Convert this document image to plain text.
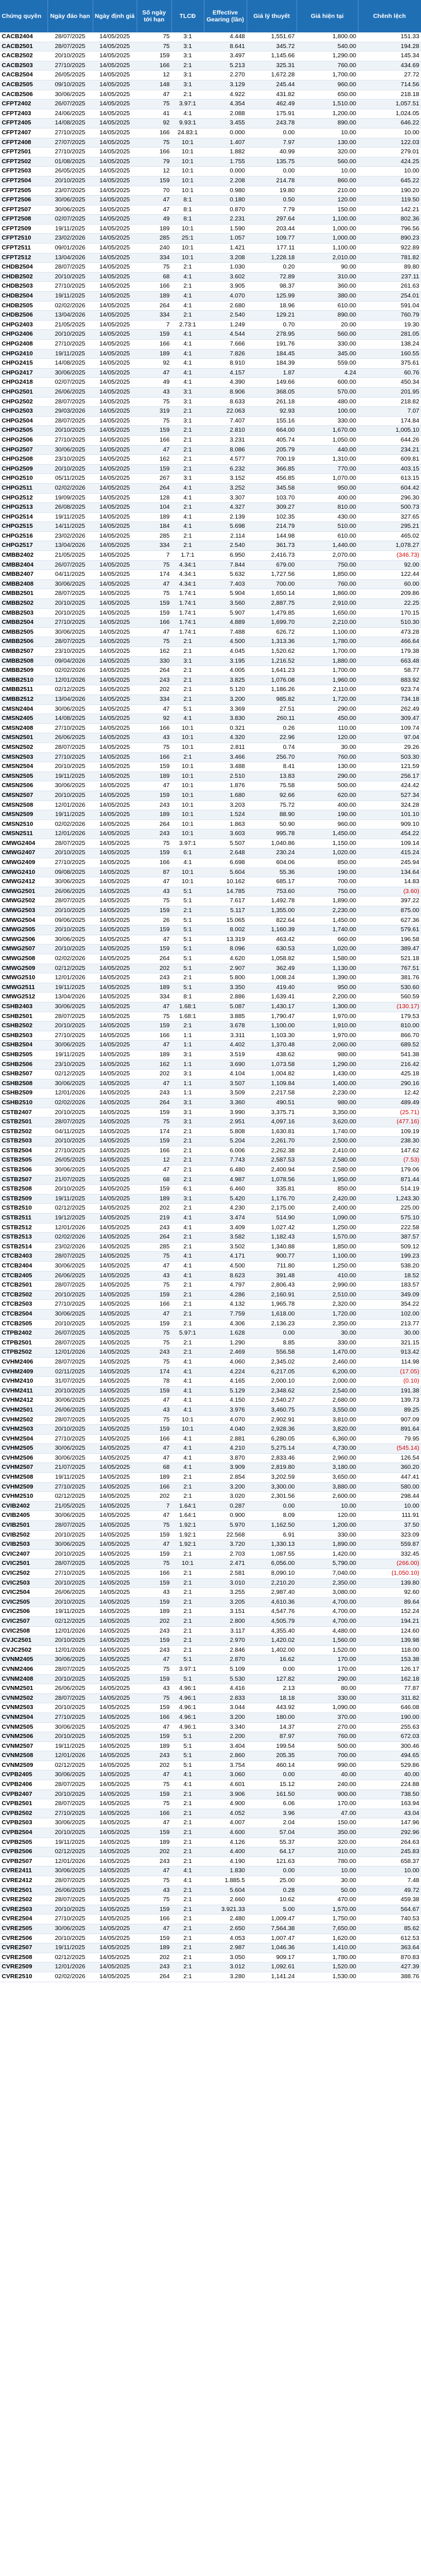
Chứng quyền	Ngày đáo hạn	Ngày định giá	Số ngày tới hạn	TLCĐ	Effective Gearing (lần)	Giá lý thuyết	Giá hiện tại	Chênh lệch
CACB2404	28/07/2025	14/05/2025	75	3:1	4.448	1,551.67	1,800.00	151.33
CACB2501	28/07/2025	14/05/2025	75	3:1	8.641	345.72	540.00	194.28
CACB2502	20/10/2025	14/05/2025	159	3:1	3.497	1,145.66	1,290.00	145.34
CACB2503	27/10/2025	14/05/2025	166	2:1	5.213	325.31	760.00	434.69
CACB2504	26/05/2025	14/05/2025	12	3:1	2.270	1,672.28	1,700.00	27.72
CACB2505	09/10/2025	14/05/2025	148	3:1	3.129	245.44	960.00	714.56
CACB2506	30/06/2025	14/05/2025	47	2:1	4.922	431.82	650.00	218.18
CFPT2402	26/07/2025	14/05/2025	75	3.97:1	4.354	462.49	1,510.00	1,057.51
CFPT2403	24/06/2025	14/05/2025	41	4:1	2.088	175.91	1,200.00	1,024.05
CFPT2405	14/08/2025	14/05/2025	92	9.93:1	3.455	243.78	890.00	646.22
CFPT2407	27/10/2025	14/05/2025	166	24.83:1	0.000	0.00	10.00	10.00
CFPT2408	27/07/2025	14/05/2025	75	10:1	1.407	7.97	130.00	122.03
CFPT2501	27/10/2025	14/05/2025	166	10:1	1.882	40.99	320.00	279.01
CFPT2502	01/08/2025	14/05/2025	79	10:1	1.755	135.75	560.00	424.25
CFPT2503	26/05/2025	14/05/2025	12	10:1	0.000	0.00	10.00	10.00
CFPT2504	20/10/2025	14/05/2025	159	10:1	2.208	214.78	860.00	645.22
CFPT2505	23/07/2025	14/05/2025	70	10:1	0.980	19.80	210.00	190.20
CFPT2506	30/06/2025	14/05/2025	47	8:1	0.180	0.50	120.00	119.50
CFPT2507	30/06/2025	14/05/2025	47	8:1	0.870	7.79	150.00	142.21
CFPT2508	02/07/2025	14/05/2025	49	8:1	2.231	297.64	1,100.00	802.36
CFPT2509	19/11/2025	14/05/2025	189	10:1	1.590	203.44	1,000.00	796.56
CFPT2510	23/02/2026	14/05/2025	285	25:1	1.057	109.77	1,000.00	890.23
CFPT2511	09/01/2026	14/05/2025	240	10:1	1.421	177.11	1,100.00	922.89
CFPT2512	13/04/2026	14/05/2025	334	10:1	3.208	1,228.18	2,010.00	781.82
CHDB2504	28/07/2025	14/05/2025	75	2:1	1.030	0.20	90.00	89.80
CHDB2502	20/10/2025	14/05/2025	68	4:1	3.602	72.89	310.00	237.11
CHDB2503	27/10/2025	14/05/2025	166	2:1	3.905	98.37	360.00	261.63
CHDB2504	19/11/2025	14/05/2025	189	4:1	4.070	125.99	380.00	254.01
CHDB2505	02/02/2026	14/05/2025	264	4:1	2.680	18.96	610.00	591.04
CHDB2506	13/04/2026	14/05/2025	334	2:1	2.540	129.21	890.00	760.79
CHPG2403	21/05/2025	14/05/2025	7	2.73:1	1.249	0.70	20.00	19.30
CHPG2406	20/10/2025	14/05/2025	159	4:1	4.544	278.95	560.00	281.05
CHPG2408	27/10/2025	14/05/2025	166	4:1	7.666	191.76	330.00	138.24
CHPG2410	19/11/2025	14/05/2025	189	4:1	7.826	184.45	345.00	160.55
CHPG2415	14/08/2025	14/05/2025	92	4:1	8.910	184.39	559.00	375.61
CHPG2417	30/06/2025	14/05/2025	47	4:1	4.157	1.87	4.24	60.76
CHPG2418	02/07/2025	14/05/2025	49	4:1	4.390	149.66	600.00	450.34
CHPG2501	26/06/2025	14/05/2025	43	3:1	8.906	368.05	570.00	201.95
CHPG2502	28/07/2025	14/05/2025	75	3:1	8.633	261.18	480.00	218.82
CHPG2503	29/03/2026	14/05/2025	319	2:1	22.063	92.93	100.00	7.07
CHPG2504	28/07/2025	14/05/2025	75	3:1	7.407	155.16	330.00	174.84
CHPG2505	20/10/2025	14/05/2025	159	2:1	2.810	664.00	1,670.00	1,005.10
CHPG2506	27/10/2025	14/05/2025	166	2:1	3.231	405.74	1,050.00	644.26
CHPG2507	30/06/2025	14/05/2025	47	2:1	8.086	205.79	440.00	234.21
CHPG2508	23/10/2025	14/05/2025	162	2:1	4.577	700.19	1,310.00	609.81
CHPG2509	20/10/2025	14/05/2025	159	2:1	6.232	366.85	770.00	403.15
CHPG2510	05/11/2025	14/05/2025	267	3:1	3.152	456.85	1,070.00	613.15
CHPG2511	02/02/2026	14/05/2025	264	4:1	3.252	345.58	950.00	604.42
CHPG2512	19/09/2025	14/05/2025	128	4:1	3.307	103.70	400.00	296.30
CHPG2513	26/08/2025	14/05/2025	104	2:1	4.327	309.27	810.00	500.73
CHPG2514	19/11/2025	14/05/2025	189	4:1	2.139	102.35	430.00	327.65
CHPG2515	14/11/2025	14/05/2025	184	4:1	5.698	214.79	510.00	295.21
CHPG2516	23/02/2026	14/05/2025	285	2:1	2.114	144.98	610.00	465.02
CHPG2517	13/04/2026	14/05/2025	334	2:1	2.540	361.73	1,440.00	1,078.27
CMBB2402	21/05/2025	14/05/2025	7	1.7:1	6.950	2,416.73	2,070.00	(346.73)
CMBB2404	26/07/2025	14/05/2025	75	4.34:1	7.844	679.00	750.00	92.00
CMBB2407	04/11/2025	14/05/2025	174	4.34:1	5.632	1,727.56	1,850.00	122.44
CMBB2408	30/06/2025	14/05/2025	47	4.34:1	7.403	700.00	760.00	60.00
CMBB2501	28/07/2025	14/05/2025	75	1.74:1	5.904	1,650.14	1,860.00	209.86
CMBB2502	20/10/2025	14/05/2025	159	1.74:1	3.560	2,887.75	2,910.00	22.25
CMBB2503	20/10/2025	14/05/2025	159	1.74:1	5.907	1,479.85	1,650.00	170.15
CMBB2504	27/10/2025	14/05/2025	166	1.74:1	4.889	1,699.70	2,210.00	510.30
CMBB2505	30/06/2025	14/05/2025	47	1.74:1	7.488	626.72	1,100.00	473.28
CMBB2506	28/07/2025	14/05/2025	75	2:1	4.500	1,313.36	1,780.00	466.64
CMBB2507	23/10/2025	14/05/2025	162	2:1	4.045	1,520.62	1,700.00	179.38
CMBB2508	09/04/2026	14/05/2025	330	3:1	3.195	1,216.52	1,880.00	663.48
CMBB2509	02/02/2026	14/05/2025	264	2:1	4.005	1,641.23	1,700.00	58.77
CMBB2510	12/01/2026	14/05/2025	243	2:1	3.825	1,076.08	1,960.00	883.92
CMBB2511	02/12/2025	14/05/2025	202	2:1	5.120	1,186.26	2,110.00	923.74
CMBB2512	13/04/2026	14/05/2025	334	2:1	3.200	985.82	1,720.00	734.18
CMSN2404	30/06/2025	14/05/2025	47	5:1	3.369	27.51	290.00	262.49
CMSN2405	14/08/2025	14/05/2025	92	4:1	3.830	260.11	450.00	309.47
CMSN2408	27/10/2025	14/05/2025	166	10:1	0.321	0.26	110.00	109.74
CMSN2501	26/06/2025	14/05/2025	43	10:1	4.320	22.96	120.00	97.04
CMSN2502	28/07/2025	14/05/2025	75	10:1	2.811	0.74	30.00	29.26
CMSN2503	27/10/2025	14/05/2025	166	2:1	3.466	256.70	760.00	503.30
CMSN2504	20/10/2025	14/05/2025	159	10:1	3.488	8.41	130.00	121.59
CMSN2505	19/11/2025	14/05/2025	189	10:1	2.510	13.83	290.00	256.17
CMSN2506	30/06/2025	14/05/2025	47	10:1	1.876	75.58	500.00	424.42
CMSN2507	20/10/2025	14/05/2025	159	10:1	1.680	92.66	620.00	527.34
CMSN2508	12/01/2026	14/05/2025	243	10:1	3.203	75.72	400.00	324.28
CMSN2509	19/11/2025	14/05/2025	189	10:1	1.524	88.90	190.00	101.10
CMSN2510	02/02/2026	14/05/2025	264	10:1	1.863	50.90	960.00	909.10
CMSN2511	12/01/2026	14/05/2025	243	10:1	3.603	995.78	1,450.00	454.22
CMWG2404	28/07/2025	14/05/2025	75	3.97:1	5.507	1,040.86	1,150.00	109.14
CMWG2407	20/10/2025	14/05/2025	159	6:1	2.648	230.24	1,020.00	415.24
CMWG2409	27/10/2025	14/05/2025	166	4:1	6.698	604.06	850.00	245.94
CMWG2410	09/08/2025	14/05/2025	87	10:1	5.604	55.36	190.00	134.64
CMWG2412	30/06/2025	14/05/2025	47	10:1	10.162	685.17	700.00	14.83
CMWG2501	26/06/2025	14/05/2025	43	5:1	14.785	753.60	750.00	(3.60)
CMWG2502	28/07/2025	14/05/2025	75	5:1	7.617	1,492.78	1,890.00	397.22
CMWG2503	20/10/2025	14/05/2025	159	2:1	5.117	1,355.00	2,230.00	875.00
CMWG2504	09/06/2025	14/05/2025	26	5:1	15.065	822.64	1,450.00	627.36
CMWG2505	20/10/2025	14/05/2025	159	5:1	8.002	1,160.39	1,740.00	579.61
CMWG2506	30/06/2025	14/05/2025	47	5:1	13.319	463.42	660.00	196.58
CMWG2507	20/10/2025	14/05/2025	159	5:1	8.096	630.53	1,020.00	389.47
CMWG2508	02/02/2026	14/05/2025	264	5:1	4.620	1,058.82	1,580.00	521.18
CMWG2509	02/12/2025	14/05/2025	202	5:1	2.907	362.49	1,130.00	767.51
CMWG2510	12/01/2026	14/05/2025	243	2:1	5.800	1,008.24	1,390.00	381.76
CMWG2511	19/11/2025	14/05/2025	189	5:1	3.350	419.40	950.00	530.60
CMWG2512	13/04/2026	14/05/2025	334	8:1	2.886	1,639.41	2,200.00	560.59
CSHB2403	30/06/2025	14/05/2025	47	1.68:1	5.087	1,430.17	1,300.00	(130.17)
CSHB2501	28/07/2025	14/05/2025	75	1.68:1	3.885	1,790.47	1,970.00	179.53
CSHB2502	20/10/2025	14/05/2025	159	2:1	3.678	1,100.00	1,910.00	810.00
CSHB2503	27/10/2025	14/05/2025	166	1:1	3.311	1,103.30	1,970.00	866.70
CSHB2504	30/06/2025	14/05/2025	47	1:1	4.402	1,370.48	2,060.00	689.52
CSHB2505	19/11/2025	14/05/2025	189	3:1	3.519	438.62	980.00	541.38
CSHB2506	23/10/2025	14/05/2025	162	1:1	3.690	1,073.58	1,290.00	216.42
CSHB2507	02/12/2025	14/05/2025	202	3:1	4.104	1,004.82	1,430.00	425.18
CSHB2508	30/06/2025	14/05/2025	47	1:1	3.507	1,109.84	1,400.00	290.16
CSHB2509	12/01/2026	14/05/2025	243	1:1	3.509	2,217.58	2,230.00	12.42
CSHB2510	02/02/2026	14/05/2025	264	3:1	3.360	490.51	980.00	489.49
CSTB2407	20/10/2025	14/05/2025	159	3:1	3.990	3,375.71	3,350.00	(25.71)
CSTB2501	28/07/2025	14/05/2025	75	3:1	2.951	4,097.16	3,620.00	(477.16)
CSTB2502	04/11/2025	14/05/2025	174	2:1	5.808	1,630.81	1,740.00	109.19
CSTB2503	20/10/2025	14/05/2025	159	2:1	5.204	2,261.70	2,500.00	238.30
CSTB2504	27/10/2025	14/05/2025	166	2:1	6.006	2,262.38	2,410.00	147.62
CSTB2505	26/05/2025	14/05/2025	12	2:1	7.743	2,587.53	2,580.00	(7.53)
CSTB2506	30/06/2025	14/05/2025	47	2:1	6.480	2,400.94	2,580.00	179.06
CSTB2507	21/07/2025	14/05/2025	68	2:1	4.987	1,078.56	1,950.00	871.44
CSTB2508	20/10/2025	14/05/2025	159	6:1	6.460	335.81	850.00	514.19
CSTB2509	19/11/2025	14/05/2025	189	3:1	5.420	1,176.70	2,420.00	1,243.30
CSTB2510	02/12/2025	14/05/2025	202	2:1	4.230	2,175.00	2,400.00	225.00
CSTB2511	19/12/2025	14/05/2025	219	4:1	3.474	514.90	1,090.00	575.10
CSTB2512	12/01/2026	14/05/2025	243	4:1	3.409	1,027.42	1,250.00	222.58
CSTB2513	02/02/2026	14/05/2025	264	2:1	3.582	1,182.43	1,570.00	387.57
CSTB2514	23/02/2026	14/05/2025	285	2:1	3.502	1,340.88	1,850.00	509.12
CTCB2403	28/07/2025	14/05/2025	75	4:1	4.171	900.77	1,100.00	199.23
CTCB2404	30/06/2025	14/05/2025	47	4:1	4.500	711.80	1,250.00	538.20
CTCB2405	26/06/2025	14/05/2025	43	4:1	8.623	391.48	410.00	18.52
CTCB2501	28/07/2025	14/05/2025	75	2:1	4.797	2,806.43	2,990.00	183.57
CTCB2502	20/10/2025	14/05/2025	159	2:1	4.286	2,160.91	2,510.00	349.09
CTCB2503	27/10/2025	14/05/2025	166	2:1	4.132	1,965.78	2,320.00	354.22
CTCB2504	30/06/2025	14/05/2025	47	2:1	7.759	1,618.00	1,720.00	102.00
CTCB2505	20/10/2025	14/05/2025	159	2:1	4.306	2,136.23	2,350.00	213.77
CTPB2402	26/07/2025	14/05/2025	75	5.97:1	1.628	0.00	30.00	30.00
CTPB2501	28/07/2025	14/05/2025	75	2:1	1.290	8.85	330.00	321.15
CTPB2502	12/01/2026	14/05/2025	243	2:1	2.469	556.58	1,470.00	913.42
CVHM2406	28/07/2025	14/05/2025	75	4:1	4.060	2,345.02	2,460.00	114.98
CVHM2409	02/11/2025	14/05/2025	174	4:1	4.224	6,217.05	6,200.00	(17.05)
CVHM2410	31/07/2025	14/05/2025	78	4:1	4.165	2,000.10	2,000.00	(0.10)
CVHM2411	20/10/2025	14/05/2025	159	4:1	5.129	2,348.62	2,540.00	191.38
CVHM2412	30/06/2025	14/05/2025	47	4:1	4.150	2,540.27	2,680.00	139.73
CVHM2501	26/06/2025	14/05/2025	43	4:1	3.976	3,460.75	3,550.00	89.25
CVHM2502	28/07/2025	14/05/2025	75	10:1	4.070	2,902.91	3,810.00	907.09
CVHM2503	20/10/2025	14/05/2025	159	10:1	4.040	2,928.36	3,820.00	891.64
CVHM2504	27/10/2025	14/05/2025	166	4:1	2.881	6,280.05	6,360.00	79.95
CVHM2505	30/06/2025	14/05/2025	47	4:1	4.210	5,275.14	4,730.00	(545.14)
CVHM2506	30/06/2025	14/05/2025	47	4:1	3.870	2,833.46	2,960.00	126.54
CVHM2507	21/07/2025	14/05/2025	68	4:1	3.909	2,819.80	3,180.00	360.20
CVHM2508	19/11/2025	14/05/2025	189	2:1	2.854	3,202.59	3,650.00	447.41
CVHM2509	27/10/2025	14/05/2025	166	2:1	3.200	3,300.00	3,880.00	580.00
CVHM2510	02/12/2025	14/05/2025	202	2:1	3.020	2,301.56	2,600.00	298.44
CVIB2402	21/05/2025	14/05/2025	7	1.64:1	0.287	0.00	10.00	10.00
CVIB2405	30/06/2025	14/05/2025	47	1.64:1	0.900	8.09	120.00	111.91
CVIB2501	28/07/2025	14/05/2025	75	1.92:1	5.970	1,162.50	1,200.00	37.50
CVIB2502	20/10/2025	14/05/2025	159	1.92:1	22.568	6.91	330.00	323.09
CVIB2503	30/06/2025	14/05/2025	47	1.92:1	3.720	1,330.13	1,890.00	559.87
CVIC2407	20/10/2025	14/05/2025	159	2:1	2.703	1,087.55	1,420.00	332.45
CVIC2501	28/07/2025	14/05/2025	75	10:1	2.471	6,056.00	5,790.00	(266.00)
CVIC2502	27/10/2025	14/05/2025	166	2:1	2.581	8,090.10	7,040.00	(1,050.10)
CVIC2503	20/10/2025	14/05/2025	159	2:1	3.010	2,210.20	2,350.00	139.80
CVIC2504	26/06/2025	14/05/2025	43	2:1	3.255	2,987.40	3,080.00	92.60
CVIC2505	20/10/2025	14/05/2025	159	2:1	3.205	4,610.36	4,700.00	89.64
CVIC2506	19/11/2025	14/05/2025	189	2:1	3.151	4,547.76	4,700.00	152.24
CVIC2507	02/12/2025	14/05/2025	202	2:1	2.800	4,505.79	4,700.00	194.21
CVIC2508	12/01/2026	14/05/2025	243	2:1	3.117	4,355.40	4,480.00	124.60
CVJC2501	20/10/2025	14/05/2025	159	2:1	2.970	1,420.02	1,560.00	139.98
CVJC2502	12/01/2026	14/05/2025	243	2:1	2.846	1,402.00	1,520.00	118.00
CVNM2405	30/06/2025	14/05/2025	47	5:1	2.870	16.62	170.00	153.38
CVNM2406	28/07/2025	14/05/2025	75	3.97:1	5.109	0.00	170.00	126.17
CVNM2408	20/10/2025	14/05/2025	159	5:1	5.530	127.82	290.00	162.18
CVNM2501	26/06/2025	14/05/2025	43	4.96:1	4.416	2.13	80.00	77.87
CVNM2502	28/07/2025	14/05/2025	75	4.96:1	2.833	18.18	330.00	311.82
CVNM2503	20/10/2025	14/05/2025	159	4.96:1	3.044	443.92	1,090.00	646.08
CVNM2504	27/10/2025	14/05/2025	166	4.96:1	3.200	180.00	370.00	190.00
CVNM2505	30/06/2025	14/05/2025	47	4.96:1	3.340	14.37	270.00	255.63
CVNM2506	20/10/2025	14/05/2025	159	5:1	2.200	87.97	760.00	672.03
CVNM2507	19/11/2025	14/05/2025	189	5:1	3.404	199.54	500.00	300.46
CVNM2508	12/01/2026	14/05/2025	243	5:1	2.860	205.35	700.00	494.65
CVNM2509	02/12/2025	14/05/2025	202	5:1	3.754	460.14	990.00	529.86
CVPB2405	30/06/2025	14/05/2025	47	4:1	3.060	0.00	40.00	40.00
CVPB2406	28/07/2025	14/05/2025	75	4:1	4.601	15.12	240.00	224.88
CVPB2407	20/10/2025	14/05/2025	159	2:1	3.906	161.50	900.00	738.50
CVPB2501	28/07/2025	14/05/2025	75	2:1	4.900	6.06	170.00	163.94
CVPB2502	27/10/2025	14/05/2025	166	2:1	4.052	3.96	47.00	43.04
CVPB2503	30/06/2025	14/05/2025	47	2:1	4.007	2.04	150.00	147.96
CVPB2504	20/10/2025	14/05/2025	159	2:1	4.600	57.04	350.00	292.96
CVPB2505	19/11/2025	14/05/2025	189	2:1	4.126	55.37	320.00	264.63
CVPB2506	02/12/2025	14/05/2025	202	2:1	4.400	64.17	310.00	245.83
CVPB2507	12/01/2026	14/05/2025	243	2:1	4.190	121.63	780.00	658.37
CVRE2411	30/06/2025	14/05/2025	47	4:1	1.830	0.00	10.00	10.00
CVRE2412	28/07/2025	14/05/2025	75	4:1	1.885.5	25.00	30.00	7.48
CVRE2501	26/06/2025	14/05/2025	43	2:1	5.604	0.28	50.00	49.72
CVRE2502	28/07/2025	14/05/2025	75	2:1	2.660	10.62	470.00	459.38
CVRE2503	20/10/2025	14/05/2025	159	2:1	3.921.33	5.00	1,570.00	564.67
CVRE2504	27/10/2025	14/05/2025	166	2:1	2.480	1,009.47	1,750.00	740.53
CVRE2505	30/06/2025	14/05/2025	47	2:1	2.650	7,564.38	7,650.00	85.62
CVRE2506	20/10/2025	14/05/2025	159	2:1	4.053	1,007.47	1,620.00	612.53
CVRE2507	19/11/2025	14/05/2025	189	2:1	2.987	1,046.36	1,410.00	363.64
CVRE2508	02/12/2025	14/05/2025	202	2:1	3.050	909.17	1,780.00	870.83
CVRE2509	12/01/2026	14/05/2025	243	2:1	3.012	1,092.61	1,520.00	427.39
CVRE2510	02/02/2026	14/05/2025	264	2:1	3.280	1,141.24	1,530.00	388.76
